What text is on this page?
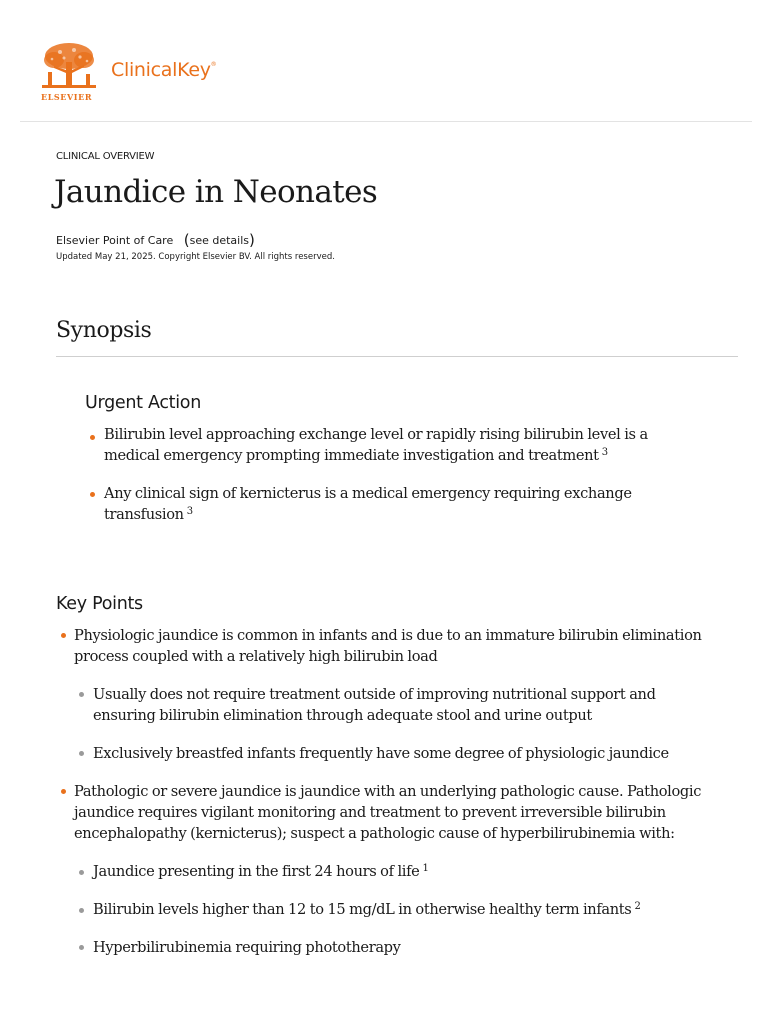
ELSEVIER
ClinicalKey®
CLINICAL OVERVIEW
Jaundice in Neonates
Elsevier Point of Care (see details)
Updated May 21, 2025. Copyright Elsevier BV. All rights reserved.
Synopsis
Urgent Action
Bilirubin level approaching exchange level or rapidly rising bilirubin level is a
medical emergency prompting immediate investigation and treatment $^3$
Any clinical sign of kernicterus is a medical emergency requiring exchange
transfusion $^3$
Key Points
Physiologic jaundice is common in infants and is due to an immature bilirubin elimination
process coupled with a relatively high bilirubin load
Usually does not require treatment outside of improving nutritional support and
ensuring bilirubin elimination through adequate stool and urine output
Exclusively breastfed infants frequently have some degree of physiologic jaundice
Pathologic or severe jaundice is jaundice with an underlying pathologic cause. Pathologic
jaundice requires vigilant monitoring and treatment to prevent irreversible bilirubin
encephalopathy (kernicterus); suspect a pathologic cause of hyperbilirubinemia with:
Jaundice presenting in the first 24 hours of life $^1$
Bilirubin levels higher than 12 to 15 mg/dL in otherwise healthy term infants $^2$
Hyperbilirubinemia requiring phototherapy
